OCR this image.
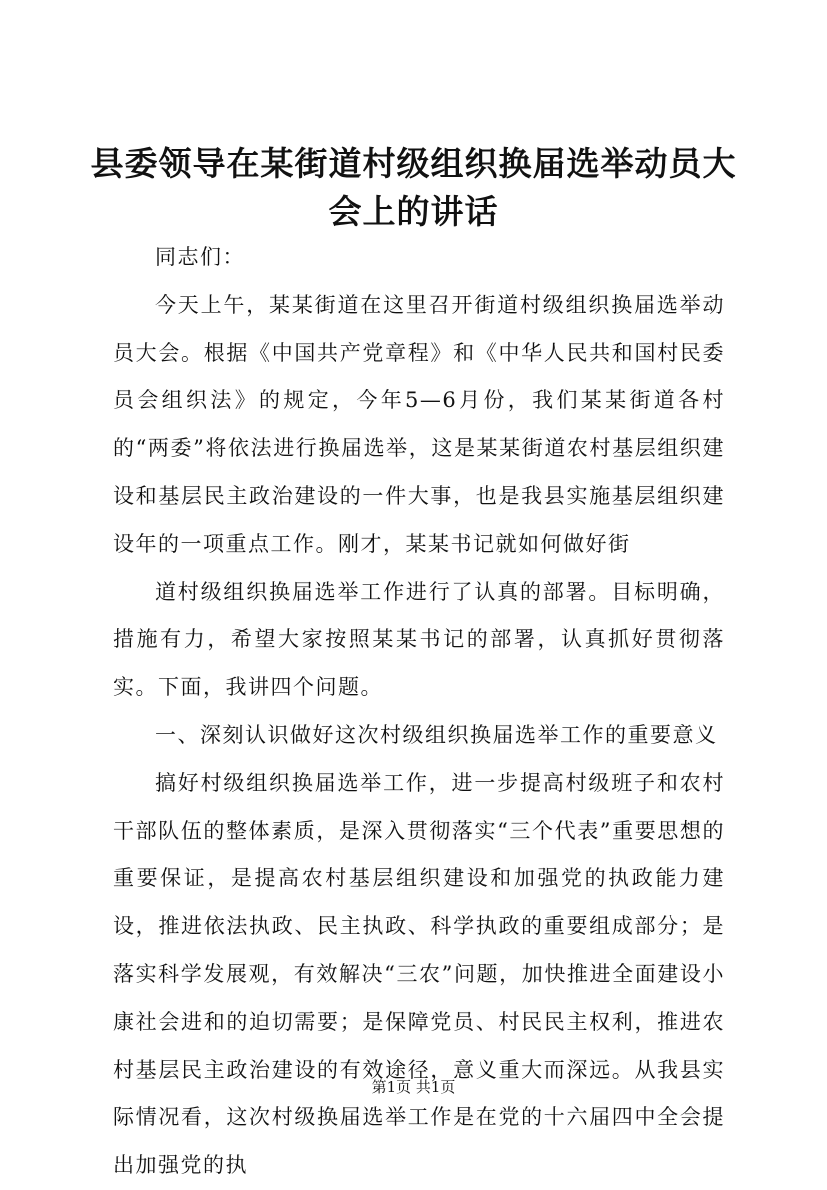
县委领导在某街道村级组织换届选举动员大会上的讲话

同志们：

今天上午，某某街道在这里召开街道村级组织换届选举动员大会。根据《中国共产党章程》和《中华人民共和国村民委员会组织法》的规定，今年5—6月份，我们某某街道各村的“两委”将依法进行换届选举，这是某某街道农村基层组织建设和基层民主政治建设的一件大事，也是我县实施基层组织建设年的一项重点工作。刚才，某某书记就如何做好街

道村级组织换届选举工作进行了认真的部署。目标明确，措施有力，希望大家按照某某书记的部署，认真抓好贯彻落实。下面，我讲四个问题。

一、深刻认识做好这次村级组织换届选举工作的重要意义

搞好村级组织换届选举工作，进一步提高村级班子和农村干部队伍的整体素质，是深入贯彻落实“三个代表”重要思想的重要保证，是提高农村基层组织建设和加强党的执政能力建设，推进依法执政、民主执政、科学执政的重要组成部分；是落实科学发展观，有效解决“三农”问题，加快推进全面建设小康社会进和的迫切需要；是保障党员、村民民主权利，推进农村基层民主政治建设的有效途径，意义重大而深远。从我县实际情况看，这次村级换届选举工作是在党的十六届四中全会提出加强党的执

第1页 共1页
